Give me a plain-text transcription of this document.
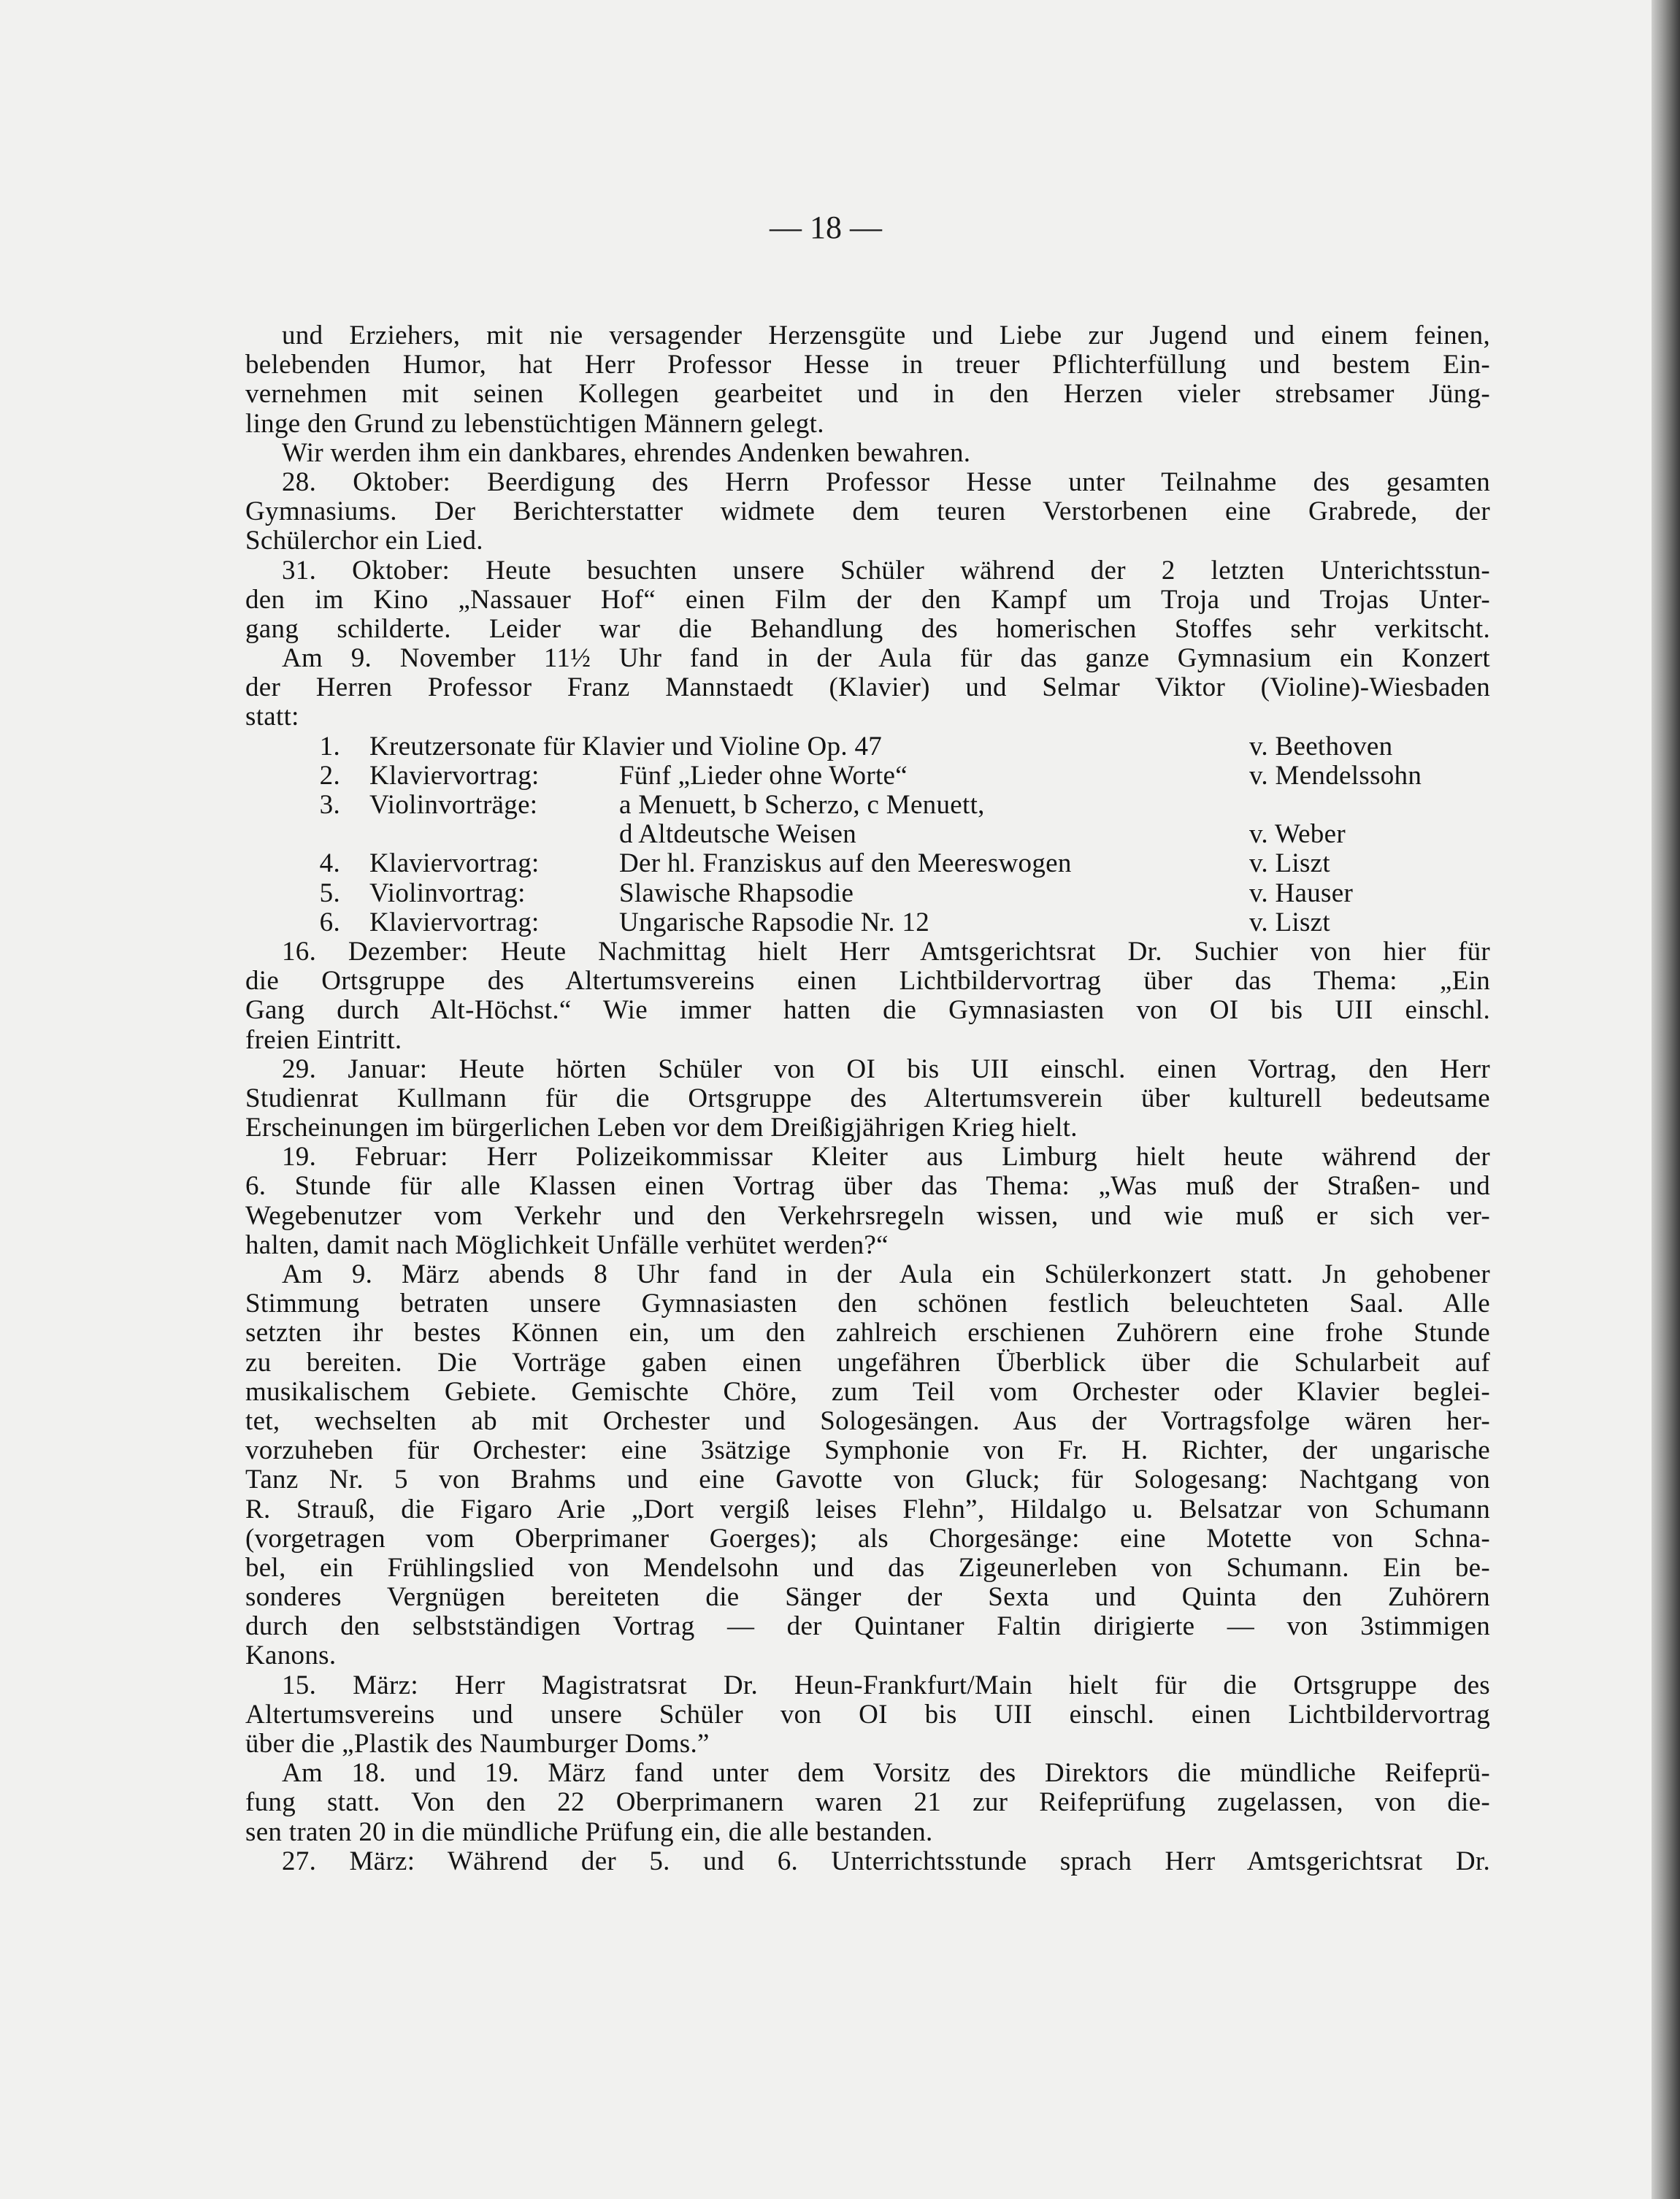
— 18 —
und Erziehers, mit nie versagender Herzensgüte und Liebe zur Jugend und einem feinen,
belebenden Humor, hat Herr Professor Hesse in treuer Pflichterfüllung und bestem Ein-
vernehmen mit seinen Kollegen gearbeitet und in den Herzen vieler strebsamer Jüng-
linge den Grund zu lebenstüchtigen Männern gelegt.
Wir werden ihm ein dankbares, ehrendes Andenken bewahren.
28. Oktober: Beerdigung des Herrn Professor Hesse unter Teilnahme des gesamten
Gymnasiums. Der Berichterstatter widmete dem teuren Verstorbenen eine Grabrede, der
Schülerchor ein Lied.
31. Oktober: Heute besuchten unsere Schüler während der 2 letzten Unterichtsstun-
den im Kino „Nassauer Hof“ einen Film der den Kampf um Troja und Trojas Unter-
gang schilderte. Leider war die Behandlung des homerischen Stoffes sehr verkitscht.
Am 9. November 11½ Uhr fand in der Aula für das ganze Gymnasium ein Konzert
der Herren Professor Franz Mannstaedt (Klavier) und Selmar Viktor (Violine)-Wiesbaden
statt:
1. Kreutzersonate für Klavier und Violine Op. 47	v. Beethoven
2. Klaviervortrag:	Fünf „Lieder ohne Worte“	v. Mendelssohn
3. Violinvorträge:	a Menuett, b Scherzo, c Menuett,
d Altdeutsche Weisen	v. Weber
4. Klaviervortrag:	Der hl. Franziskus auf den Meereswogen	v. Liszt
5. Violinvortrag:	Slawische Rhapsodie	v. Hauser
6. Klaviervortrag:	Ungarische Rapsodie Nr. 12	v. Liszt
16. Dezember: Heute Nachmittag hielt Herr Amtsgerichtsrat Dr. Suchier von hier für
die Ortsgruppe des Altertumsvereins einen Lichtbildervortrag über das Thema: „Ein
Gang durch Alt-Höchst.“ Wie immer hatten die Gymnasiasten von OI bis UII einschl.
freien Eintritt.
29. Januar: Heute hörten Schüler von OI bis UII einschl. einen Vortrag, den Herr
Studienrat Kullmann für die Ortsgruppe des Altertumsverein über kulturell bedeutsame
Erscheinungen im bürgerlichen Leben vor dem Dreißigjährigen Krieg hielt.
19. Februar: Herr Polizeikommissar Kleiter aus Limburg hielt heute während der
6. Stunde für alle Klassen einen Vortrag über das Thema: „Was muß der Straßen- und
Wegebenutzer vom Verkehr und den Verkehrsregeln wissen, und wie muß er sich ver-
halten, damit nach Möglichkeit Unfälle verhütet werden?“
Am 9. März abends 8 Uhr fand in der Aula ein Schülerkonzert statt. Jn gehobener
Stimmung betraten unsere Gymnasiasten den schönen festlich beleuchteten Saal. Alle
setzten ihr bestes Können ein, um den zahlreich erschienen Zuhörern eine frohe Stunde
zu bereiten. Die Vorträge gaben einen ungefähren Überblick über die Schularbeit auf
musikalischem Gebiete. Gemischte Chöre, zum Teil vom Orchester oder Klavier beglei-
tet, wechselten ab mit Orchester und Sologesängen. Aus der Vortragsfolge wären her-
vorzuheben für Orchester: eine 3sätzige Symphonie von Fr. H. Richter, der ungarische
Tanz Nr. 5 von Brahms und eine Gavotte von Gluck; für Sologesang: Nachtgang von
R. Strauß, die Figaro Arie „Dort vergiß leises Flehn”, Hildalgo u. Belsatzar von Schumann
(vorgetragen vom Oberprimaner Goerges); als Chorgesänge: eine Motette von Schna-
bel, ein Frühlingslied von Mendelsohn und das Zigeunerleben von Schumann. Ein be-
sonderes Vergnügen bereiteten die Sänger der Sexta und Quinta den Zuhörern
durch den selbstständigen Vortrag — der Quintaner Faltin dirigierte — von 3stimmigen
Kanons.
15. März: Herr Magistratsrat Dr. Heun-Frankfurt/Main hielt für die Ortsgruppe des
Altertumsvereins und unsere Schüler von OI bis UII einschl. einen Lichtbildervortrag
über die „Plastik des Naumburger Doms.”
Am 18. und 19. März fand unter dem Vorsitz des Direktors die mündliche Reifeprü-
fung statt. Von den 22 Oberprimanern waren 21 zur Reifeprüfung zugelassen, von die-
sen traten 20 in die mündliche Prüfung ein, die alle bestanden.
27. März: Während der 5. und 6. Unterrichtsstunde sprach Herr Amtsgerichtsrat Dr.
